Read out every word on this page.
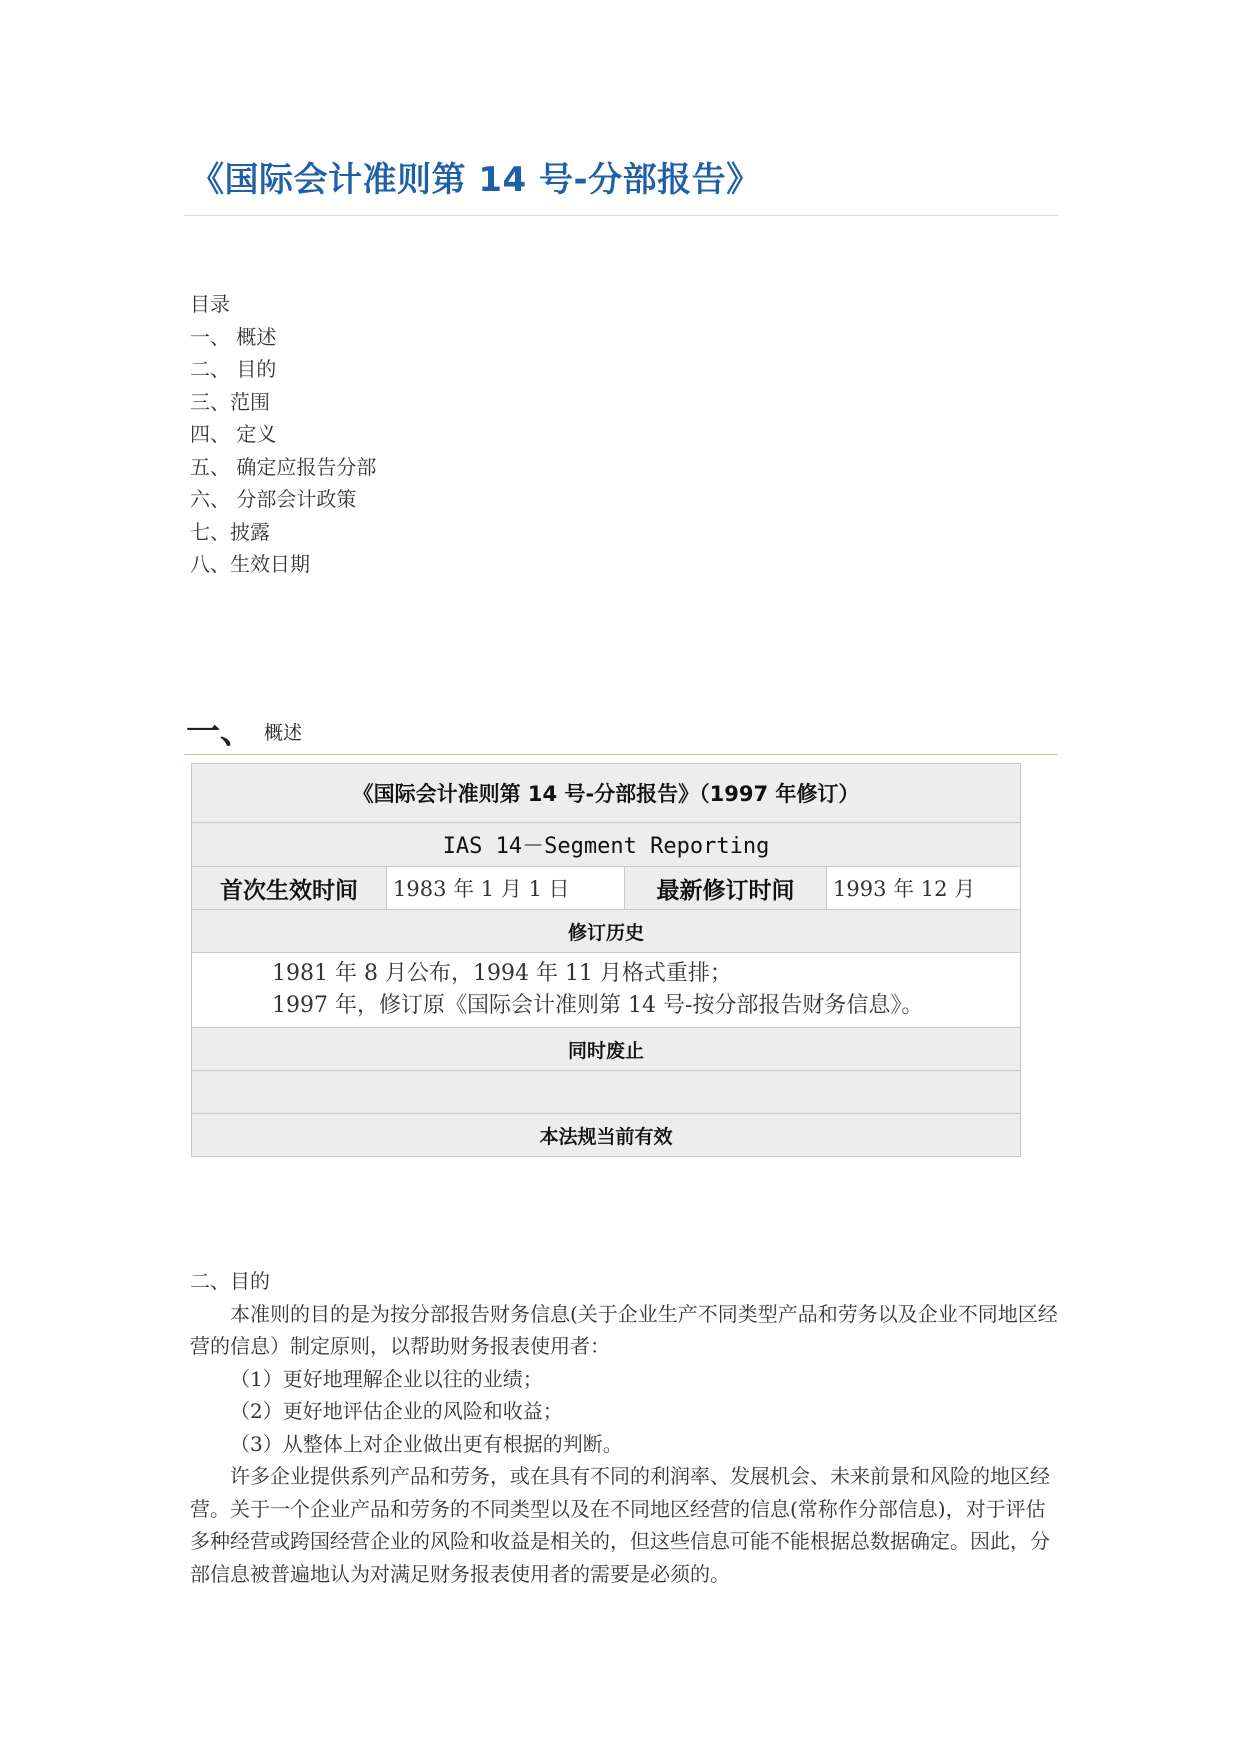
《国际会计准则第 14 号-分部报告》
目录
一、 概述
二、 目的
三、范围
四、 定义
五、 确定应报告分部
六、 分部会计政策
七、披露
八、生效日期
一、 概述
《国际会计准则第 14 号-分部报告》（1997 年修订）
IAS 14－Segment Reporting
首次生效时间	1983 年 1 月 1 日	最新修订时间	1993 年 12 月
修订历史

1981 年 8 月公布，1994 年 11 月格式重排；
1997 年，修订原《国际会计准则第 14 号-按分部报告财务信息》。

同时废止

本法规当前有效

二、目的

本准则的目的是为按分部报告财务信息(关于企业生产不同类型产品和劳务以及企业不同地区经营的信息）制定原则，以帮助财务报表使用者：

（1）更好地理解企业以往的业绩；

（2）更好地评估企业的风险和收益；

（3）从整体上对企业做出更有根据的判断。

许多企业提供系列产品和劳务，或在具有不同的利润率、发展机会、未来前景和风险的地区经营。关于一个企业产品和劳务的不同类型以及在不同地区经营的信息(常称作分部信息)，对于评估多种经营或跨国经营企业的风险和收益是相关的，但这些信息可能不能根据总数据确定。因此，分部信息被普遍地认为对满足财务报表使用者的需要是必须的。
